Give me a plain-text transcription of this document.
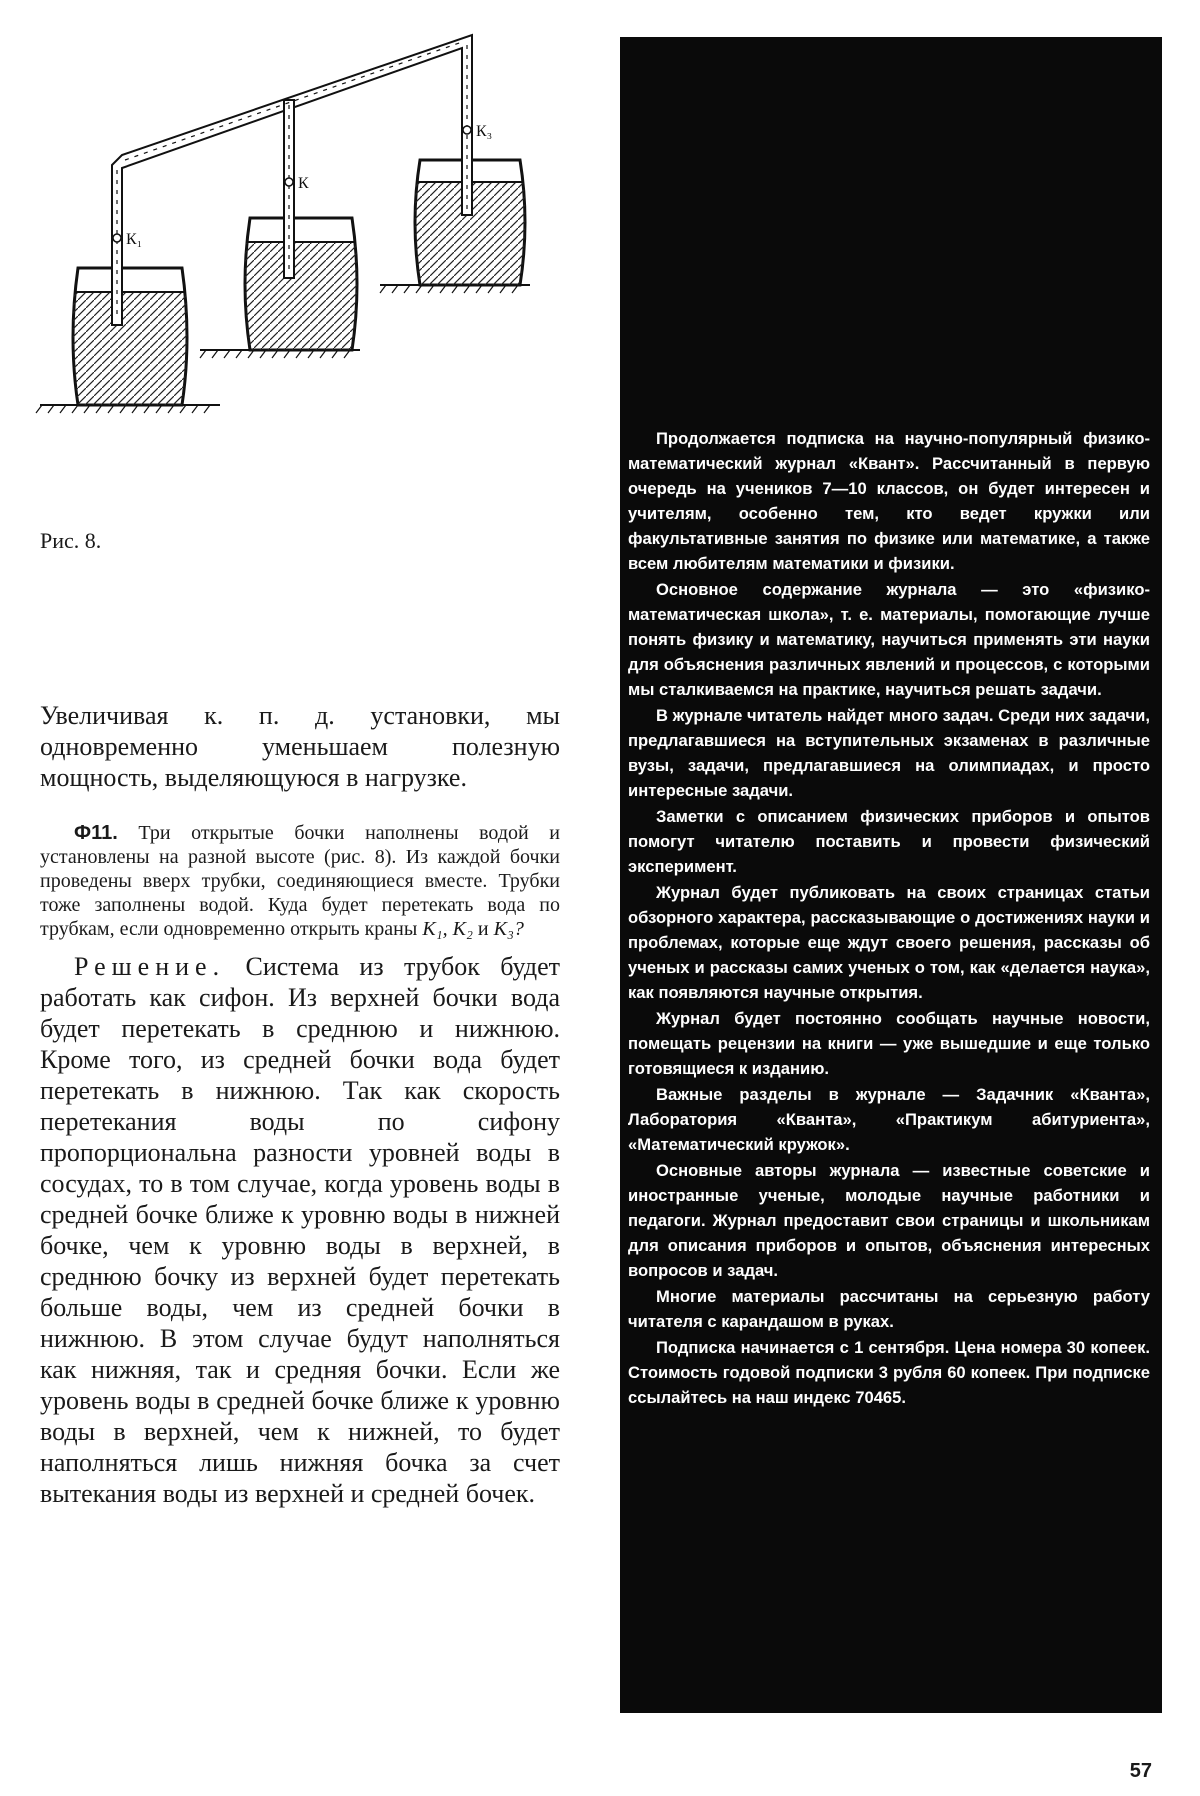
К₁
К
К₃
Рис. 8.

Увеличивая к. п. д. установки, мы одновременно уменьшаем полезную мощность, выделяющуюся в нагрузке.

Ф11. Три открытые бочки наполнены водой и установлены на разной высоте (рис. 8). Из каждой бочки проведены вверх трубки, соединяющиеся вместе. Трубки тоже заполнены водой. Куда будет перетекать вода по трубкам, если одновременно открыть краны K₁, K₂ и K₃?

Решение. Система из трубок будет работать как сифон. Из верхней бочки вода будет перетекать в среднюю и нижнюю. Кроме того, из средней бочки вода будет перетекать в нижнюю. Так как скорость перетекания воды по сифону пропорциональна разности уровней воды в сосудах, то в том случае, когда уровень воды в средней бочке ближе к уровню воды в нижней бочке, чем к уровню воды в верхней, в среднюю бочку из верхней будет перетекать больше воды, чем из средней бочки в нижнюю. В этом случае будут наполняться как нижняя, так и средняя бочки. Если же уровень воды в средней бочке ближе к уровню воды в верхней, чем к нижней, то будет наполняться лишь нижняя бочка за счет вытекания воды из верхней и средней бочек.

Продолжается подписка на научно-популярный физико-математический журнал «Квант». Рассчитанный в первую очередь на учеников 7—10 классов, он будет интересен и учителям, особенно тем, кто ведет кружки или факультативные занятия по физике или математике, а также всем любителям математики и физики.

Основное содержание журнала — это «физико-математическая школа», т. е. материалы, помогающие лучше понять физику и математику, научиться применять эти науки для объяснения различных явлений и процессов, с которыми мы сталкиваемся на практике, научиться решать задачи.

В журнале читатель найдет много задач. Среди них задачи, предлагавшиеся на вступительных экзаменах в различные вузы, задачи, предлагавшиеся на олимпиадах, и просто интересные задачи.

Заметки с описанием физических приборов и опытов помогут читателю поставить и провести физический эксперимент.

Журнал будет публиковать на своих страницах статьи обзорного характера, рассказывающие о достижениях науки и проблемах, которые еще ждут своего решения, рассказы об ученых и рассказы самих ученых о том, как «делается наука», как появляются научные открытия.

Журнал будет постоянно сообщать научные новости, помещать рецензии на книги — уже вышедшие и еще только готовящиеся к изданию.

Важные разделы в журнале — Задачник «Кванта», Лаборатория «Кванта», «Практикум абитуриента», «Математический кружок».

Основные авторы журнала — известные советские и иностранные ученые, молодые научные работники и педагоги. Журнал предоставит свои страницы и школьникам для описания приборов и опытов, объяснения интересных вопросов и задач.

Многие материалы рассчитаны на серьезную работу читателя с карандашом в руках.

Подписка начинается с 1 сентября. Цена номера 30 копеек. Стоимость годовой подписки 3 рубля 60 копеек. При подписке ссылайтесь на наш индекс 70465.

57
